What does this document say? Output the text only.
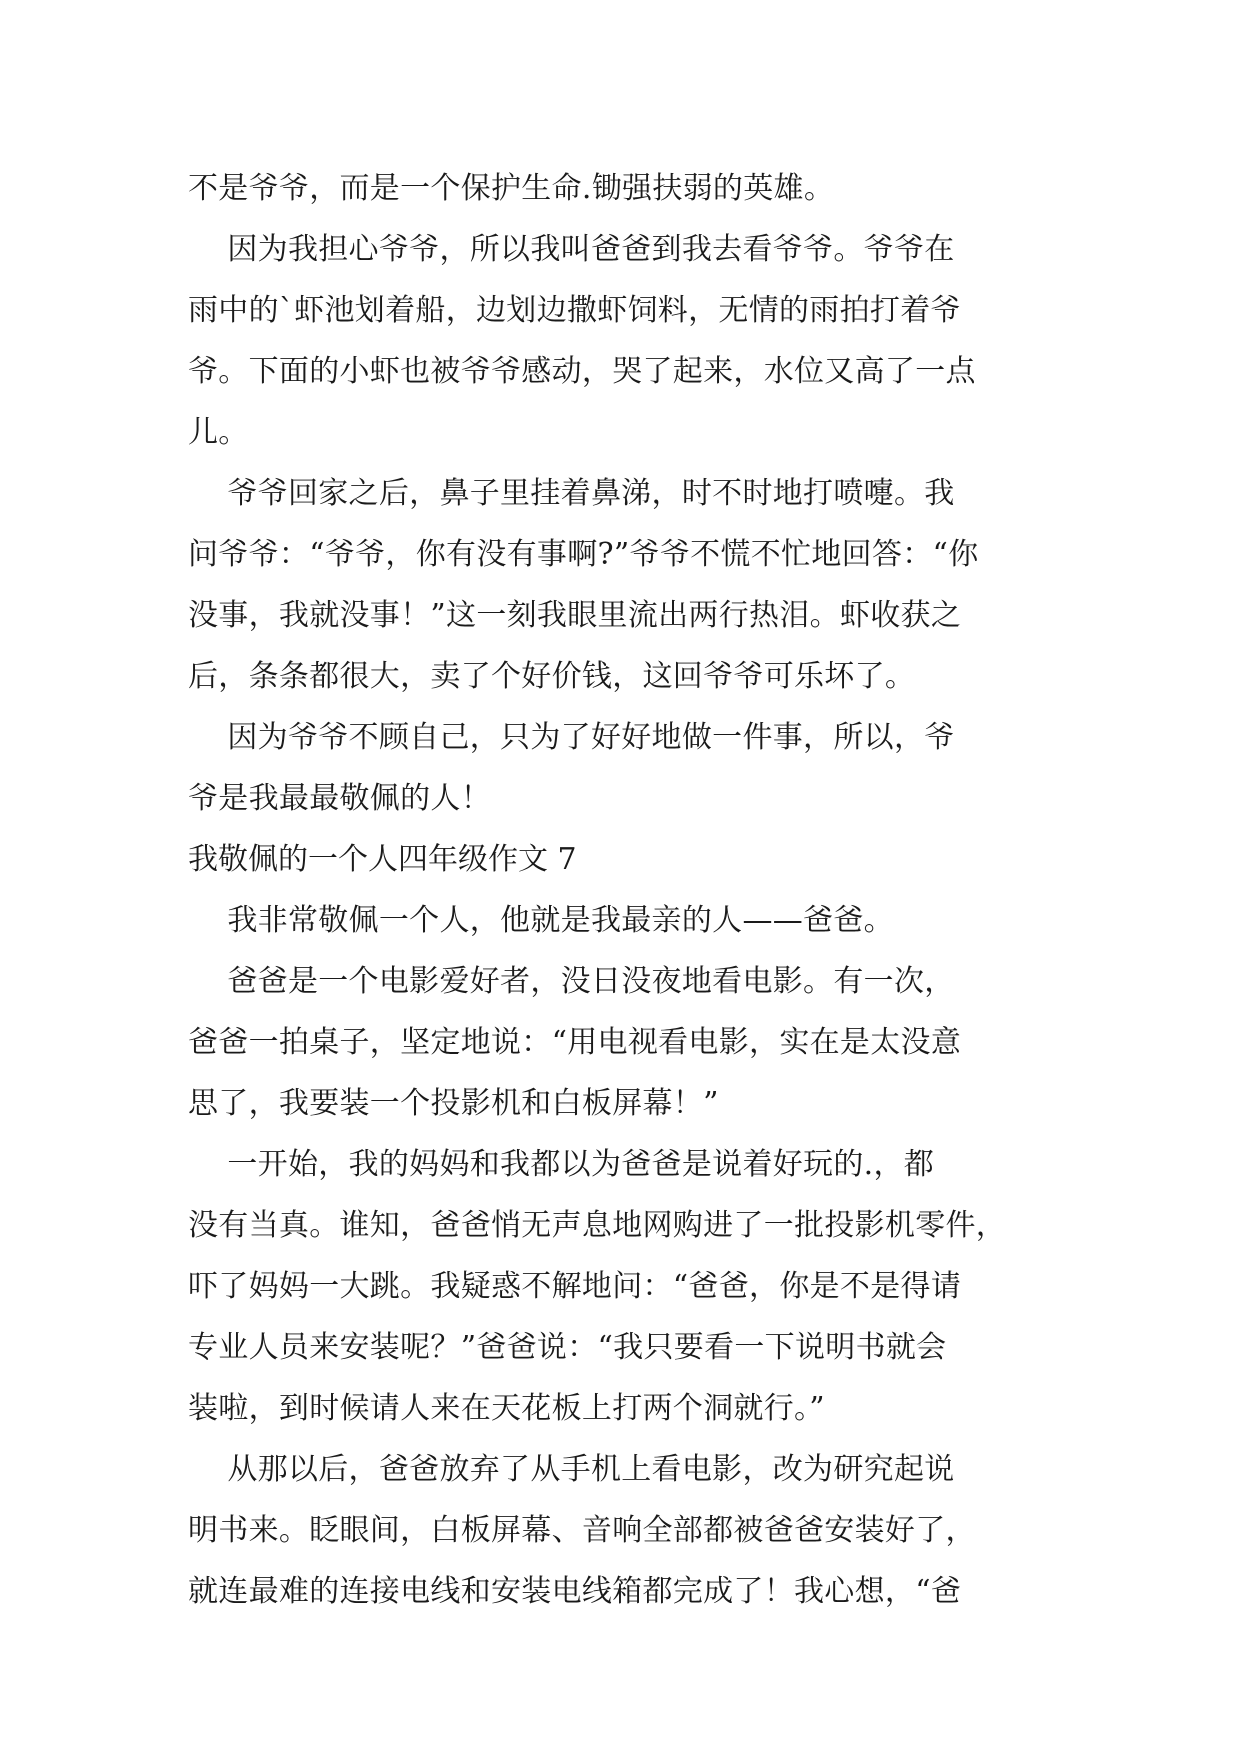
不是爷爷，而是一个保护生命.锄强扶弱的英雄。
因为我担心爷爷，所以我叫爸爸到我去看爷爷。爷爷在
雨中的`虾池划着船，边划边撒虾饲料，无情的雨拍打着爷
爷。下面的小虾也被爷爷感动，哭了起来，水位又高了一点
儿。
爷爷回家之后，鼻子里挂着鼻涕，时不时地打喷嚏。我
问爷爷：“爷爷，你有没有事啊?”爷爷不慌不忙地回答：“你
没事，我就没事！”这一刻我眼里流出两行热泪。虾收获之
后，条条都很大，卖了个好价钱，这回爷爷可乐坏了。
因为爷爷不顾自己，只为了好好地做一件事，所以，爷
爷是我最最敬佩的人！
我敬佩的一个人四年级作文 7
我非常敬佩一个人，他就是我最亲的人——爸爸。
爸爸是一个电影爱好者，没日没夜地看电影。有一次，
爸爸一拍桌子，坚定地说：“用电视看电影，实在是太没意
思了，我要装一个投影机和白板屏幕！”
一开始，我的妈妈和我都以为爸爸是说着好玩的.，都
没有当真。谁知，爸爸悄无声息地网购进了一批投影机零件，
吓了妈妈一大跳。我疑惑不解地问：“爸爸，你是不是得请
专业人员来安装呢？”爸爸说：“我只要看一下说明书就会
装啦，到时候请人来在天花板上打两个洞就行。”
从那以后，爸爸放弃了从手机上看电影，改为研究起说
明书来。眨眼间，白板屏幕、音响全部都被爸爸安装好了，
就连最难的连接电线和安装电线箱都完成了！我心想，“爸
